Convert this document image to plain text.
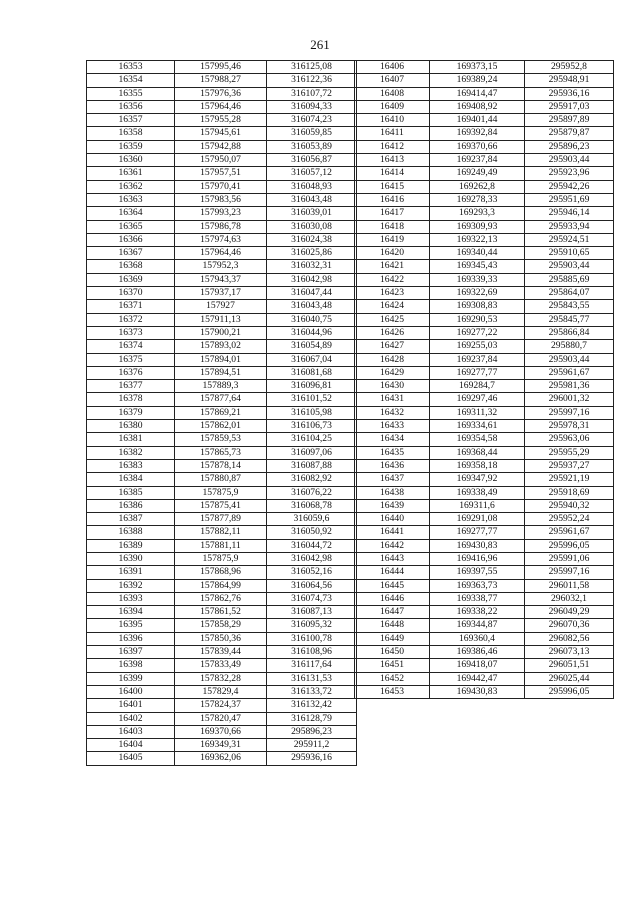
261
16353	157995,46	316125,08
16354	157988,27	316122,36
16355	157976,36	316107,72
16356	157964,46	316094,33
16357	157955,28	316074,23
16358	157945,61	316059,85
16359	157942,88	316053,89
16360	157950,07	316056,87
16361	157957,51	316057,12
16362	157970,41	316048,93
16363	157983,56	316043,48
16364	157993,23	316039,01
16365	157986,78	316030,08
16366	157974,63	316024,38
16367	157964,46	316025,86
16368	157952,3	316032,31
16369	157943,37	316042,98
16370	157937,17	316047,44
16371	157927	316043,48
16372	157911,13	316040,75
16373	157900,21	316044,96
16374	157893,02	316054,89
16375	157894,01	316067,04
16376	157894,51	316081,68
16377	157889,3	316096,81
16378	157877,64	316101,52
16379	157869,21	316105,98
16380	157862,01	316106,73
16381	157859,53	316104,25
16382	157865,73	316097,06
16383	157878,14	316087,88
16384	157880,87	316082,92
16385	157875,9	316076,22
16386	157875,41	316068,78
16387	157877,89	316059,6
16388	157882,11	316050,92
16389	157881,11	316044,72
16390	157875,9	316042,98
16391	157868,96	316052,16
16392	157864,99	316064,56
16393	157862,76	316074,73
16394	157861,52	316087,13
16395	157858,29	316095,32
16396	157850,36	316100,78
16397	157839,44	316108,96
16398	157833,49	316117,64
16399	157832,28	316131,53
16400	157829,4	316133,72
16401	157824,37	316132,42
16402	157820,47	316128,79
16403	169370,66	295896,23
16404	169349,31	295911,2
16405	169362,06	295936,16
16406	169373,15	295952,8
16407	169389,24	295948,91
16408	169414,47	295936,16
16409	169408,92	295917,03
16410	169401,44	295897,89
16411	169392,84	295879,87
16412	169370,66	295896,23
16413	169237,84	295903,44
16414	169249,49	295923,96
16415	169262,8	295942,26
16416	169278,33	295951,69
16417	169293,3	295946,14
16418	169309,93	295933,94
16419	169322,13	295924,51
16420	169340,44	295910,65
16421	169345,43	295903,44
16422	169339,33	295885,69
16423	169322,69	295864,07
16424	169308,83	295843,55
16425	169290,53	295845,77
16426	169277,22	295866,84
16427	169255,03	295880,7
16428	169237,84	295903,44
16429	169277,77	295961,67
16430	169284,7	295981,36
16431	169297,46	296001,32
16432	169311,32	295997,16
16433	169334,61	295978,31
16434	169354,58	295963,06
16435	169368,44	295955,29
16436	169358,18	295937,27
16437	169347,92	295921,19
16438	169338,49	295918,69
16439	169311,6	295940,32
16440	169291,08	295952,24
16441	169277,77	295961,67
16442	169430,83	295996,05
16443	169416,96	295991,06
16444	169397,55	295997,16
16445	169363,73	296011,58
16446	169338,77	296032,1
16447	169338,22	296049,29
16448	169344,87	296070,36
16449	169360,4	296082,56
16450	169386,46	296073,13
16451	169418,07	296051,51
16452	169442,47	296025,44
16453	169430,83	295996,05
